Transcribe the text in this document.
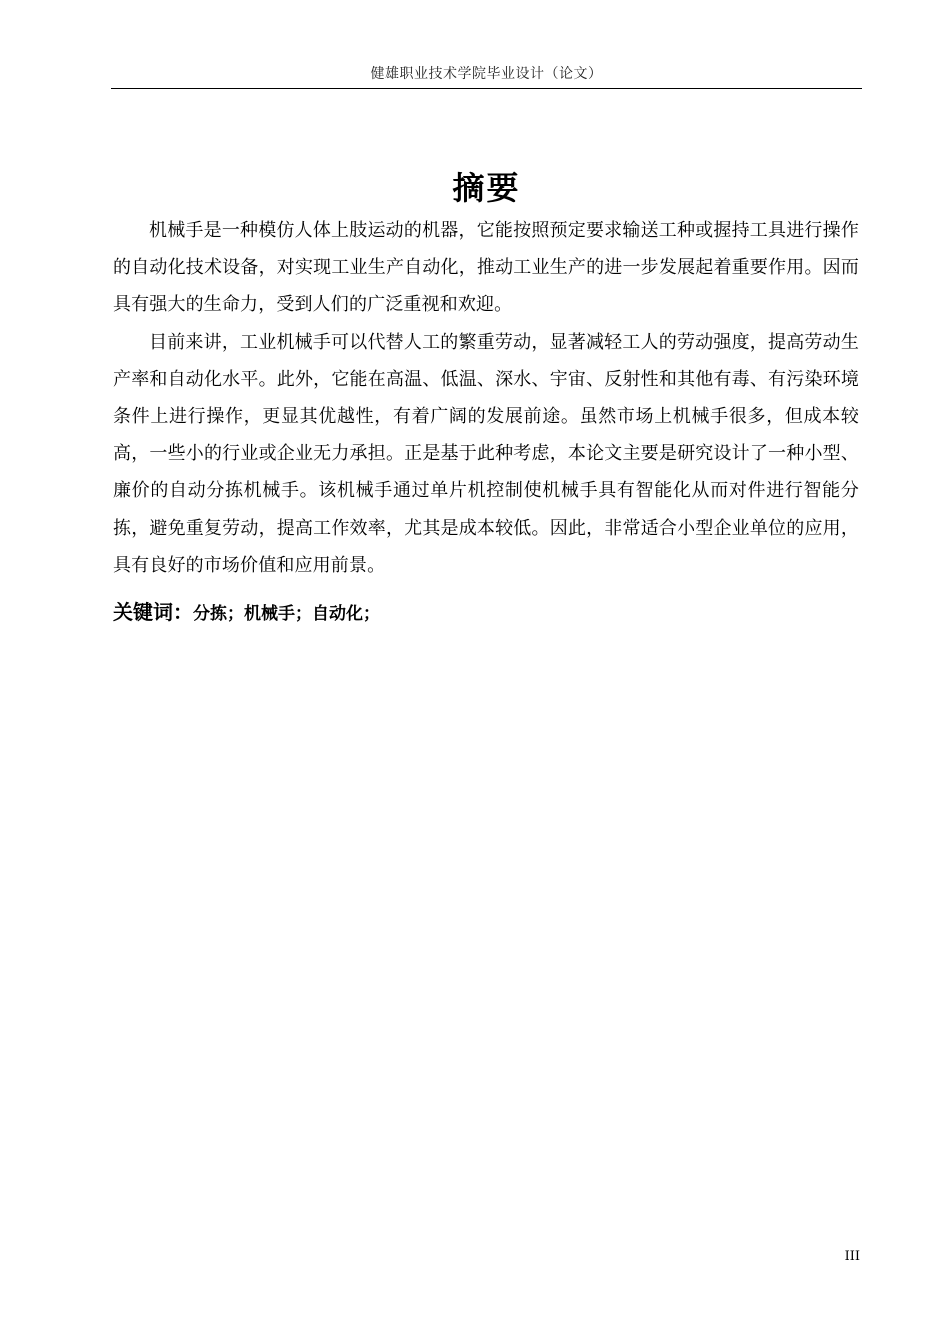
健雄职业技术学院毕业设计（论文）
摘要

机械手是一种模仿人体上肢运动的机器，它能按照预定要求输送工种或握持工具进行操作的自动化技术设备，对实现工业生产自动化，推动工业生产的进一步发展起着重要作用。因而具有强大的生命力，受到人们的广泛重视和欢迎。

目前来讲，工业机械手可以代替人工的繁重劳动，显著减轻工人的劳动强度，提高劳动生产率和自动化水平。此外，它能在高温、低温、深水、宇宙、反射性和其他有毒、有污染环境条件上进行操作，更显其优越性，有着广阔的发展前途。虽然市场上机械手很多，但成本较高，一些小的行业或企业无力承担。正是基于此种考虑，本论文主要是研究设计了一种小型、廉价的自动分拣机械手。该机械手通过单片机控制使机械手具有智能化从而对件进行智能分拣，避免重复劳动，提高工作效率，尤其是成本较低。因此，非常适合小型企业单位的应用，具有良好的市场价值和应用前景。

关键词：分拣；机械手；自动化；
III
